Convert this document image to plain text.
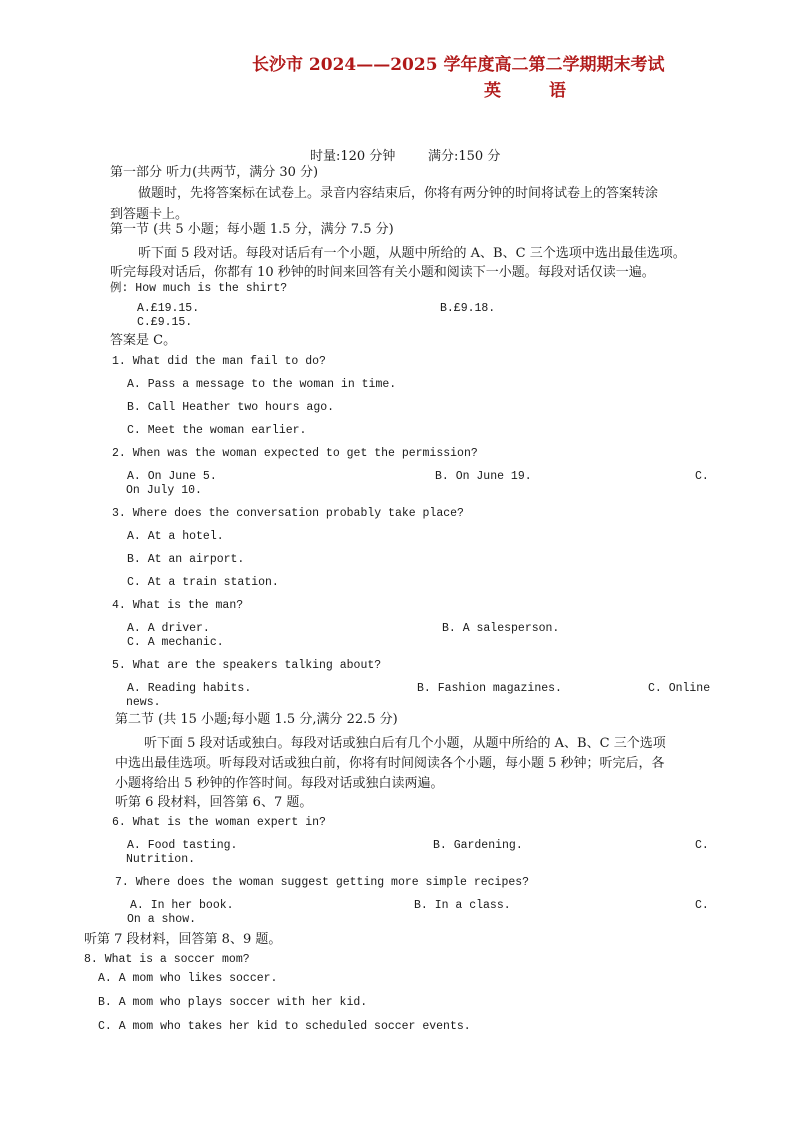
长沙市 2024——2025 学年度高二第二学期期末考试
英	语
时量:120 分钟	满分:150 分
第一部分 听力(共两节，满分 30 分)
做题时，先将答案标在试卷上。录音内容结束后，你将有两分钟的时间将试卷上的答案转涂
到答题卡上。
第一节 (共 5 小题；每小题 1.5 分，满分 7.5 分)
听下面 5 段对话。每段对话后有一个小题，从题中所给的 A、B、C 三个选项中选出最佳选项。
听完每段对话后，你都有 10 秒钟的时间来回答有关小题和阅读下一小题。每段对话仅读一遍。
例: How much is the shirt?
A.£19.15.	B.£9.18.
C.£9.15.
答案是 C。
1. What did the man fail to do?
A. Pass a message to the woman in time.
B. Call Heather two hours ago.
C. Meet the woman earlier.
2. When was the woman expected to get the permission?
A. On June 5.	B. On June 19.	C.
On July 10.
3. Where does the conversation probably take place?
A. At a hotel.
B. At an airport.
C. At a train station.
4. What is the man?
A. A driver.	B. A salesperson.
C. A mechanic.
5. What are the speakers talking about?
A. Reading habits.	B. Fashion magazines.	C. Online
news.
第二节 (共 15 小题;每小题 1.5 分,满分 22.5 分)
听下面 5 段对话或独白。每段对话或独白后有几个小题，从题中所给的 A、B、C 三个选项
中选出最佳选项。听每段对话或独白前，你将有时间阅读各个小题，每小题 5 秒钟；听完后，各
小题将给出 5 秒钟的作答时间。每段对话或独白读两遍。
听第 6 段材料，回答第 6、7 题。
6. What is the woman expert in?
A. Food tasting.	B. Gardening.	C.
Nutrition.
7. Where does the woman suggest getting more simple recipes?
A. In her book.	B. In a class.	C.
On a show.
听第 7 段材料，回答第 8、9 题。
8. What is a soccer mom?
A. A mom who likes soccer.
B. A mom who plays soccer with her kid.
C. A mom who takes her kid to scheduled soccer events.
